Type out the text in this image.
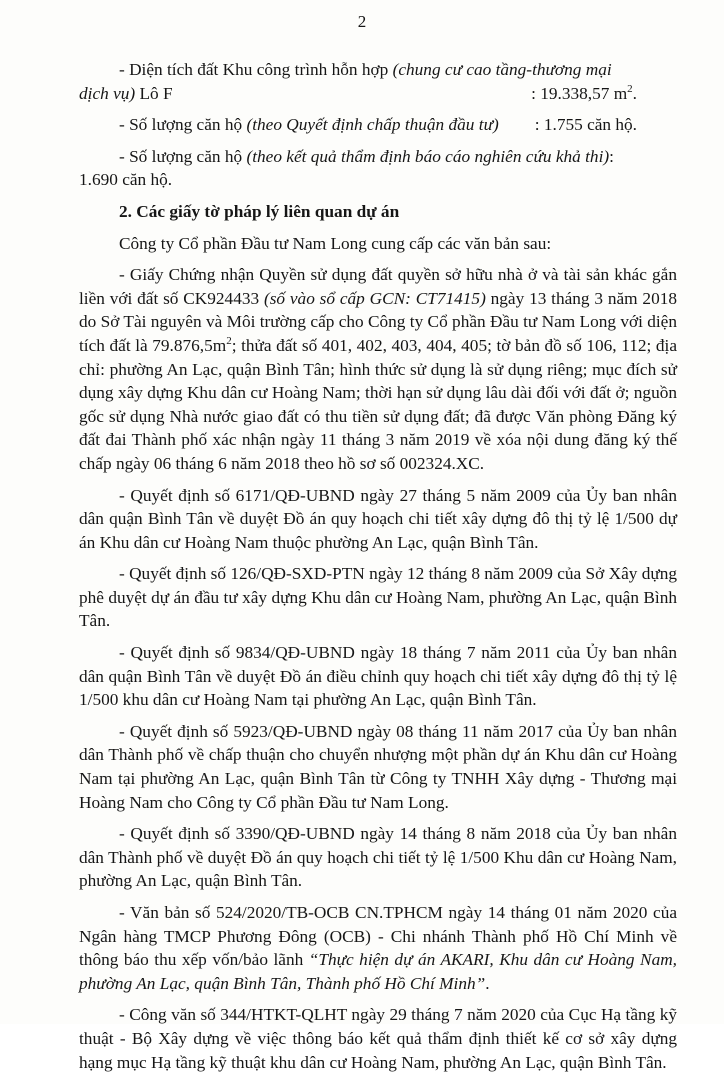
2

- Diện tích đất Khu công trình hỗn hợp (chung cư cao tầng-thương mại

dịch vụ) Lô F	: 19.338,57 $m^2$.
- Số lượng căn hộ (theo Quyết định chấp thuận đầu tư) : 1.755 căn hộ.

- Số lượng căn hộ (theo kết quả thẩm định báo cáo nghiên cứu khả thi):

1.690 căn hộ.

2. Các giấy tờ pháp lý liên quan dự án

Công ty Cổ phần Đầu tư Nam Long cung cấp các văn bản sau:

- Giấy Chứng nhận Quyền sử dụng đất quyền sở hữu nhà ở và tài sản khác gắn liền với đất số CK924433 (số vào sổ cấp GCN: CT71415) ngày 13 tháng 3 năm 2018 do Sở Tài nguyên và Môi trường cấp cho Công ty Cổ phần Đầu tư Nam Long với diện tích đất là $79.876,5m^2$; thửa đất số 401, 402, 403, 404, 405; tờ bản đồ số 106, 112; địa chỉ: phường An Lạc, quận Bình Tân; hình thức sử dụng là sử dụng riêng; mục đích sử dụng xây dựng Khu dân cư Hoàng Nam; thời hạn sử dụng lâu dài đối với đất ở; nguồn gốc sử dụng Nhà nước giao đất có thu tiền sử dụng đất; đã được Văn phòng Đăng ký đất đai Thành phố xác nhận ngày 11 tháng 3 năm 2019 về xóa nội dung đăng ký thế chấp ngày 06 tháng 6 năm 2018 theo hồ sơ số 002324.XC.

- Quyết định số 6171/QĐ-UBND ngày 27 tháng 5 năm 2009 của Ủy ban nhân dân quận Bình Tân về duyệt Đồ án quy hoạch chi tiết xây dựng đô thị tỷ lệ 1/500 dự án Khu dân cư Hoàng Nam thuộc phường An Lạc, quận Bình Tân.

- Quyết định số 126/QĐ-SXD-PTN ngày 12 tháng 8 năm 2009 của Sở Xây dựng phê duyệt dự án đầu tư xây dựng Khu dân cư Hoàng Nam, phường An Lạc, quận Bình Tân.

- Quyết định số 9834/QĐ-UBND ngày 18 tháng 7 năm 2011 của Ủy ban nhân dân quận Bình Tân về duyệt Đồ án điều chỉnh quy hoạch chi tiết xây dựng đô thị tỷ lệ 1/500 khu dân cư Hoàng Nam tại phường An Lạc, quận Bình Tân.

- Quyết định số 5923/QĐ-UBND ngày 08 tháng 11 năm 2017 của Ủy ban nhân dân Thành phố về chấp thuận cho chuyển nhượng một phần dự án Khu dân cư Hoàng Nam tại phường An Lạc, quận Bình Tân từ Công ty TNHH Xây dựng - Thương mại Hoàng Nam cho Công ty Cổ phần Đầu tư Nam Long.

- Quyết định số 3390/QĐ-UBND ngày 14 tháng 8 năm 2018 của Ủy ban nhân dân Thành phố về duyệt Đồ án quy hoạch chi tiết tỷ lệ 1/500 Khu dân cư Hoàng Nam, phường An Lạc, quận Bình Tân.

- Văn bản số 524/2020/TB-OCB CN.TPHCM ngày 14 tháng 01 năm 2020 của Ngân hàng TMCP Phương Đông (OCB) - Chi nhánh Thành phố Hồ Chí Minh về thông báo thu xếp vốn/bảo lãnh “Thực hiện dự án AKARI, Khu dân cư Hoàng Nam, phường An Lạc, quận Bình Tân, Thành phố Hồ Chí Minh”.

- Công văn số 344/HTKT-QLHT ngày 29 tháng 7 năm 2020 của Cục Hạ tầng kỹ thuật - Bộ Xây dựng về việc thông báo kết quả thẩm định thiết kế cơ sở xây dựng hạng mục Hạ tầng kỹ thuật khu dân cư Hoàng Nam, phường An Lạc, quận Bình Tân.
